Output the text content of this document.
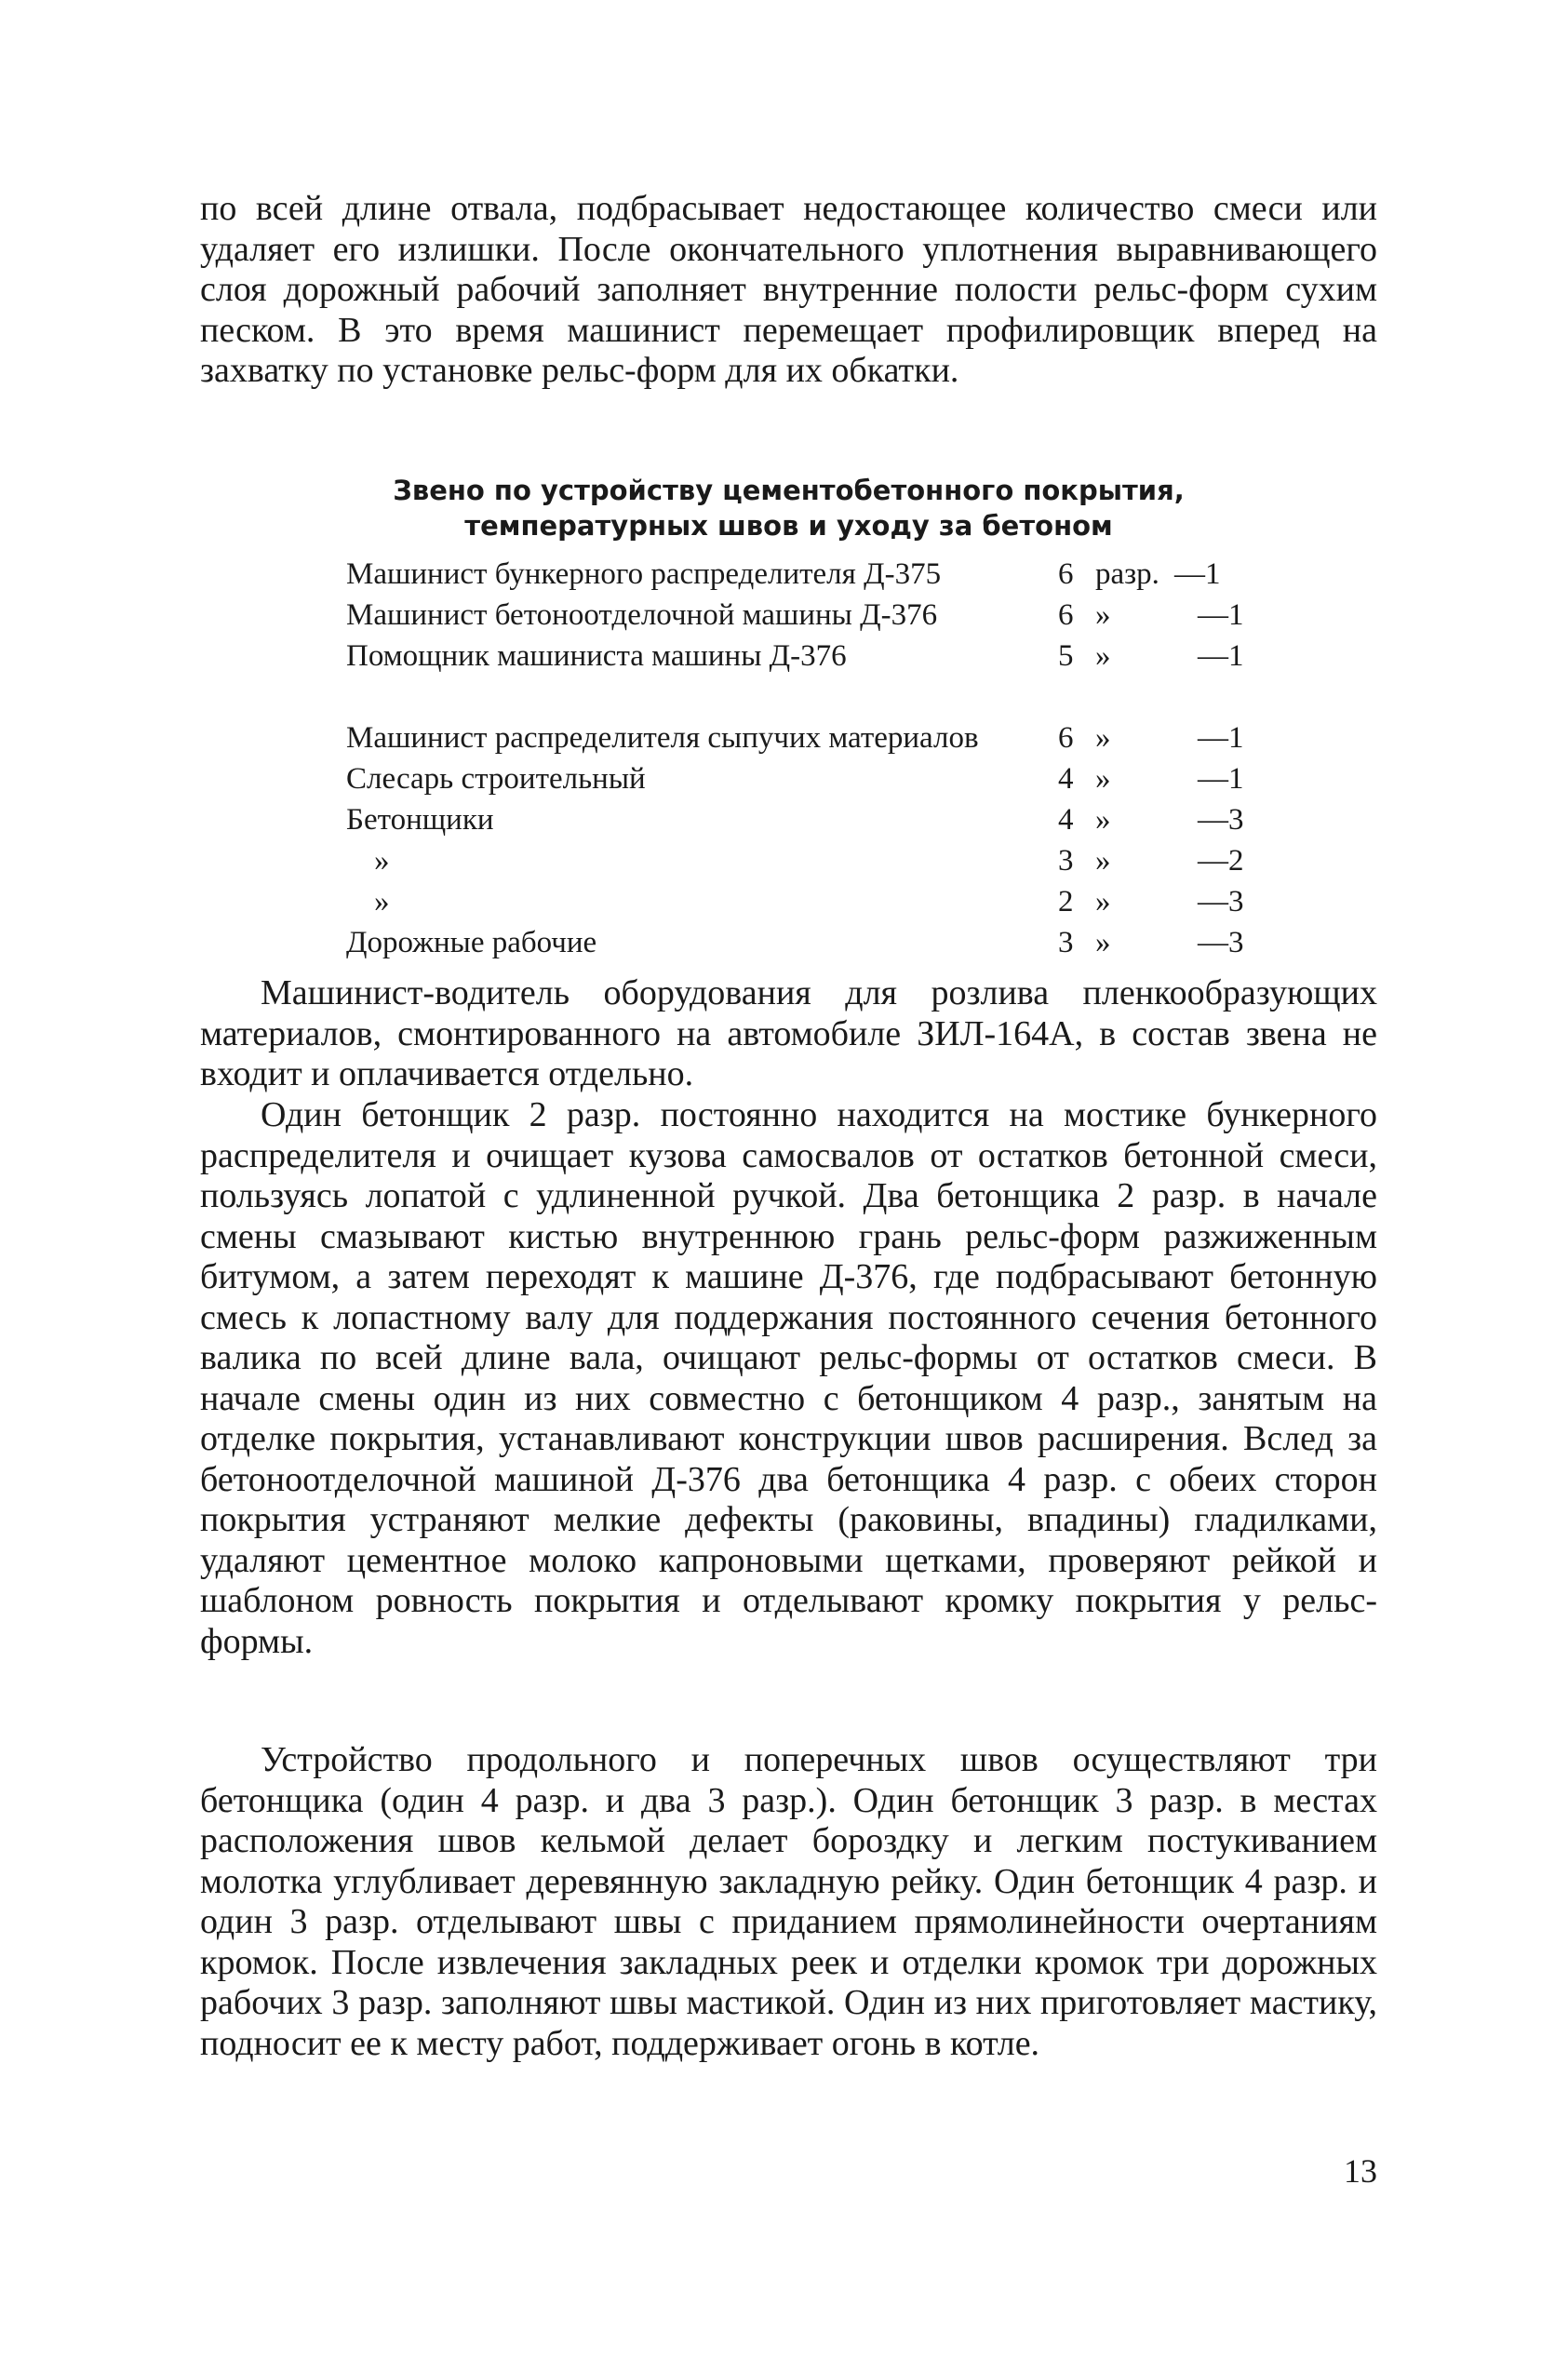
по всей длине отвала, подбрасывает недостающее количество смеси или удаляет его излишки. После окончательного уплотнения выравнивающего слоя дорожный рабочий заполняет внутренние полости рельс-форм сухим песком. В это время машинист перемещает профилировщик вперед на захватку по установке рельс-форм для их обкатки.

Звено по устройству цементобетонного покрытия,
температурных швов и уходу за бетоном
Машинист бункерного распределителя Д-375	6 разр. —1
Машинист бетоноотделочной машины Д-376	6 »	—1
Помощник машиниста машины Д-376	5 »	—1
Машинист распределителя сыпучих материалов	6 »	—1
Слесарь строительный	4 »	—1
Бетонщики	4 »	—3
»	3 »	—2
»	2 »	—3
Дорожные рабочие	3 »	—3

Машинист-водитель оборудования для розлива пленкообразующих материалов, смонтированного на автомобиле ЗИЛ-164А, в состав звена не входит и оплачивается отдельно.

Один бетонщик 2 разр. постоянно находится на мостике бункерного распределителя и очищает кузова самосвалов от остатков бетонной смеси, пользуясь лопатой с удлиненной ручкой. Два бетонщика 2 разр. в начале смены смазывают кистью внутреннюю грань рельс-форм разжиженным битумом, а затем переходят к машине Д-376, где подбрасывают бетонную смесь к лопастному валу для поддержания постоянного сечения бетонного валика по всей длине вала, очищают рельс-формы от остатков смеси. В начале смены один из них совместно с бетонщиком 4 разр., занятым на отделке покрытия, устанавливают конструкции швов расширения. Вслед за бетоноотделочной машиной Д-376 два бетонщика 4 разр. с обеих сторон покрытия устраняют мелкие дефекты (раковины, впадины) гладилками, удаляют цементное молоко капроновыми щетками, проверяют рейкой и шаблоном ровность покрытия и отделывают кромку покрытия у рельс-формы.

Устройство продольного и поперечных швов осуществляют три бетонщика (один 4 разр. и два 3 разр.). Один бетонщик 3 разр. в местах расположения швов кельмой делает бороздку и легким постукиванием молотка углубливает деревянную закладную рейку. Один бетонщик 4 разр. и один 3 разр. отделывают швы с приданием прямолинейности очертаниям кромок. После извлечения закладных реек и отделки кромок три дорожных рабочих 3 разр. заполняют швы мастикой. Один из них приготовляет мастику, подносит ее к месту работ, поддерживает огонь в котле.

13
